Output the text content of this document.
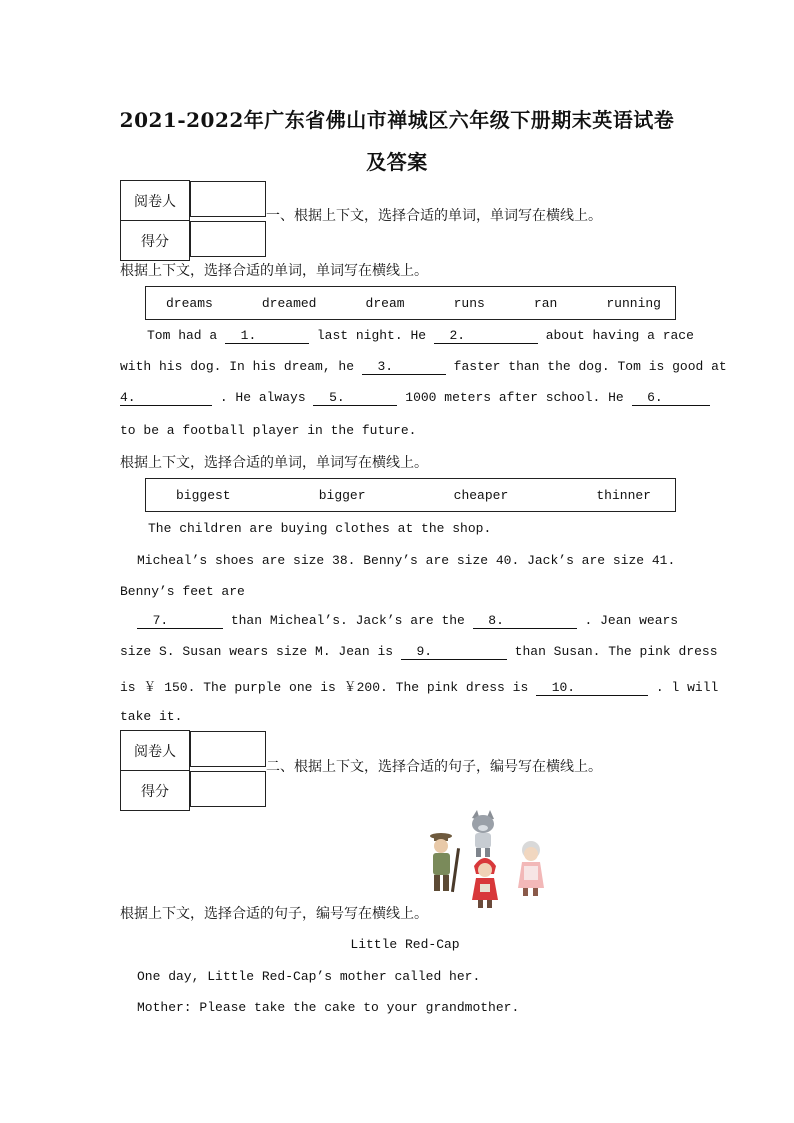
2021-2022年广东省佛山市禅城区六年级下册期末英语试卷
及答案
阅卷人	
得分	
一、根据上下文，选择合适的单词，单词写在横线上。
根据上下文，选择合适的单词，单词写在横线上。
dreams	dreamed	dream	runs	ran	running
Tom had a 1.	last night. He 2.	about having a race
with his dog. In his dream, he 3.	faster than the dog. Tom is good at
4.	. He always 5.	1000 meters after school. He 6.
to be a football player in the future.
根据上下文，选择合适的单词，单词写在横线上。
biggest	bigger	cheaper	thinner
The children are buying clothes at the shop.
Micheal’s shoes are size 38. Benny’s are size 40. Jack’s are size 41.
Benny’s feet are
7.	than Micheal’s. Jack’s are the 8.	. Jean wears
size S. Susan wears size M. Jean is 9.	than Susan. The pink dress
is ￥ 150. The purple one is ￥200. The pink dress is 10.	. l will
take it.
阅卷人	
得分	
二、根据上下文，选择合适的句子，编号写在横线上。
根据上下文，选择合适的句子，编号写在横线上。
Little Red-Cap
One day, Little Red-Cap’s mother called her.
Mother: Please take the cake to your grandmother.
